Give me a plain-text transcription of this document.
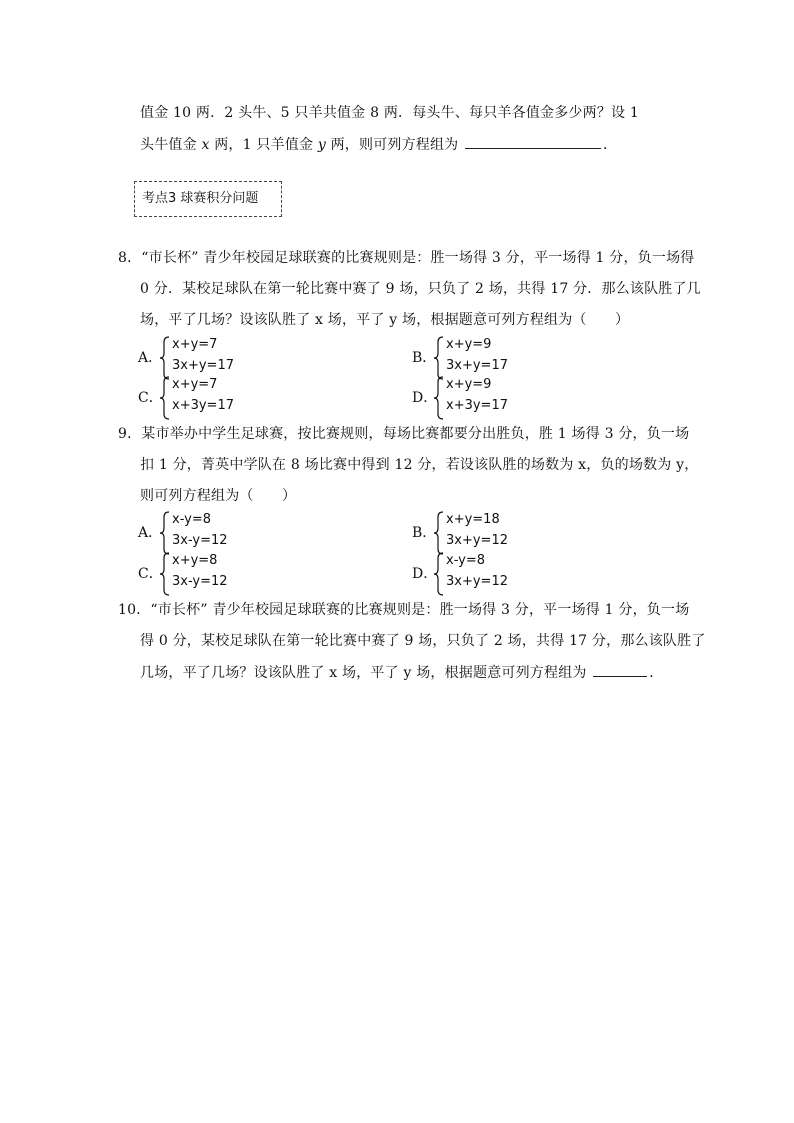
值金 10 两．2 头牛、5 只羊共值金 8 两．每头牛、每只羊各值金多少两？设 1
头牛值金 x 两，1 只羊值金 y 两，则可列方程组为	．
考点3 球赛积分问题
8．“市长杯” 青少年校园足球联赛的比赛规则是：胜一场得 3 分，平一场得 1 分，负一场得
0 分．某校足球队在第一轮比赛中赛了 9 场，只负了 2 场，共得 17 分．那么该队胜了几
场，平了几场？设该队胜了 x 场，平了 y 场，根据题意可列方程组为（　　）
A．
x+y=7
3x+y=17	B．
x+y=9
3x+y=17
C．
x+y=7
x+3y=17	D．
x+y=9
x+3y=17
9．某市举办中学生足球赛，按比赛规则，每场比赛都要分出胜负，胜 1 场得 3 分，负一场
扣 1 分，菁英中学队在 8 场比赛中得到 12 分，若设该队胜的场数为 x，负的场数为 y，
则可列方程组为（　　）
A．
x-y=8
3x-y=12	B．
x+y=18
3x+y=12
C．
x+y=8
3x-y=12	D．
x-y=8
3x+y=12
10．“市长杯” 青少年校园足球联赛的比赛规则是：胜一场得 3 分，平一场得 1 分，负一场
得 0 分，某校足球队在第一轮比赛中赛了 9 场，只负了 2 场，共得 17 分，那么该队胜了
几场，平了几场？设该队胜了 x 场，平了 y 场，根据题意可列方程组为	．
